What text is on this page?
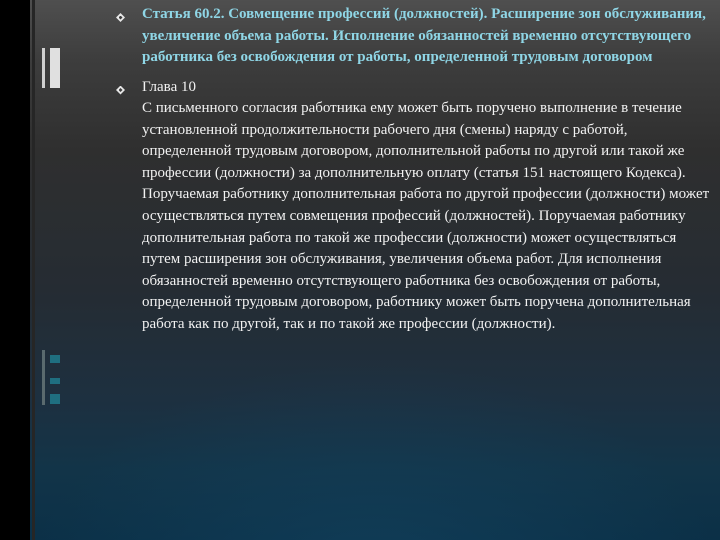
Статья 60.2. Совмещение профессий (должностей). Расширение зон обслуживания, увеличение объема работы. Исполнение обязанностей временно отсутствующего работника без освобождения от работы, определенной трудовым договором

Глава 10

С письменного согласия работника ему может быть поручено выполнение в течение установленной продолжительности рабочего дня (смены) наряду с работой, определенной трудовым договором, дополнительной работы по другой или такой же профессии (должности) за дополнительную оплату (статья 151 настоящего Кодекса). Поручаемая работнику дополнительная работа по другой профессии (должности) может осуществляться путем совмещения профессий (должностей). Поручаемая работнику дополнительная работа по такой же профессии (должности) может осуществляться путем расширения зон обслуживания, увеличения объема работ. Для исполнения обязанностей временно отсутствующего работника без освобождения от работы, определенной трудовым договором, работнику может быть поручена дополнительная работа как по другой, так и по такой же профессии (должности).
